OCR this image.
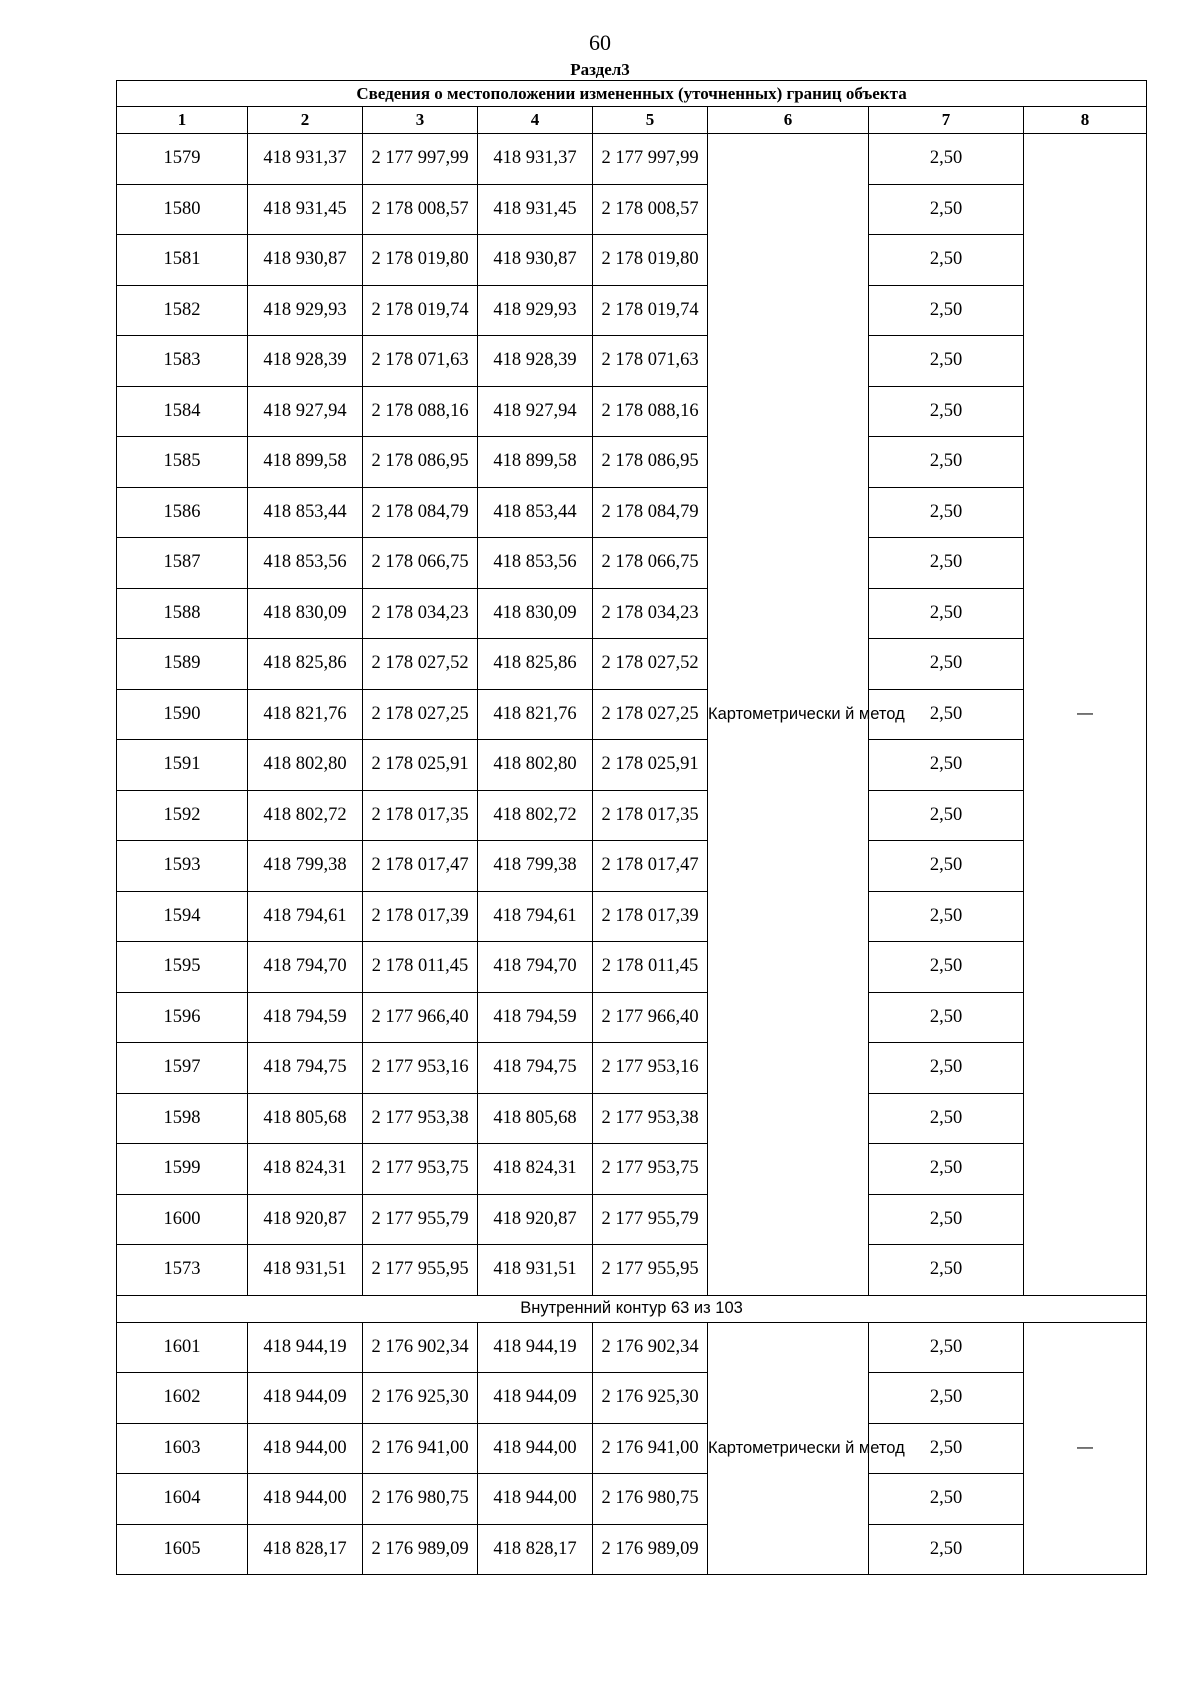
60
Раздел3
Сведения о местоположении измененных (уточненных) границ объекта							
1	2	3	4	5	6	7	8
1579	418 931,37	2 177 997,99	418 931,37	2 177 997,99	Картометрически й метод	2,50	—
1580	418 931,45	2 178 008,57	418 931,45	2 178 008,57		2,50	
1581	418 930,87	2 178 019,80	418 930,87	2 178 019,80		2,50	
1582	418 929,93	2 178 019,74	418 929,93	2 178 019,74		2,50	
1583	418 928,39	2 178 071,63	418 928,39	2 178 071,63		2,50	
1584	418 927,94	2 178 088,16	418 927,94	2 178 088,16		2,50	
1585	418 899,58	2 178 086,95	418 899,58	2 178 086,95		2,50	
1586	418 853,44	2 178 084,79	418 853,44	2 178 084,79		2,50	
1587	418 853,56	2 178 066,75	418 853,56	2 178 066,75		2,50	
1588	418 830,09	2 178 034,23	418 830,09	2 178 034,23		2,50	
1589	418 825,86	2 178 027,52	418 825,86	2 178 027,52		2,50	
1590	418 821,76	2 178 027,25	418 821,76	2 178 027,25		2,50	
1591	418 802,80	2 178 025,91	418 802,80	2 178 025,91		2,50	
1592	418 802,72	2 178 017,35	418 802,72	2 178 017,35		2,50	
1593	418 799,38	2 178 017,47	418 799,38	2 178 017,47		2,50	
1594	418 794,61	2 178 017,39	418 794,61	2 178 017,39		2,50	
1595	418 794,70	2 178 011,45	418 794,70	2 178 011,45		2,50	
1596	418 794,59	2 177 966,40	418 794,59	2 177 966,40		2,50	
1597	418 794,75	2 177 953,16	418 794,75	2 177 953,16		2,50	
1598	418 805,68	2 177 953,38	418 805,68	2 177 953,38		2,50	
1599	418 824,31	2 177 953,75	418 824,31	2 177 953,75		2,50	
1600	418 920,87	2 177 955,79	418 920,87	2 177 955,79		2,50	
1573	418 931,51	2 177 955,95	418 931,51	2 177 955,95		2,50	
Внутренний контур 63 из 103							
1601	418 944,19	2 176 902,34	418 944,19	2 176 902,34	Картометрически й метод	2,50	—
1602	418 944,09	2 176 925,30	418 944,09	2 176 925,30		2,50	
1603	418 944,00	2 176 941,00	418 944,00	2 176 941,00		2,50	
1604	418 944,00	2 176 980,75	418 944,00	2 176 980,75		2,50	
1605	418 828,17	2 176 989,09	418 828,17	2 176 989,09		2,50	
